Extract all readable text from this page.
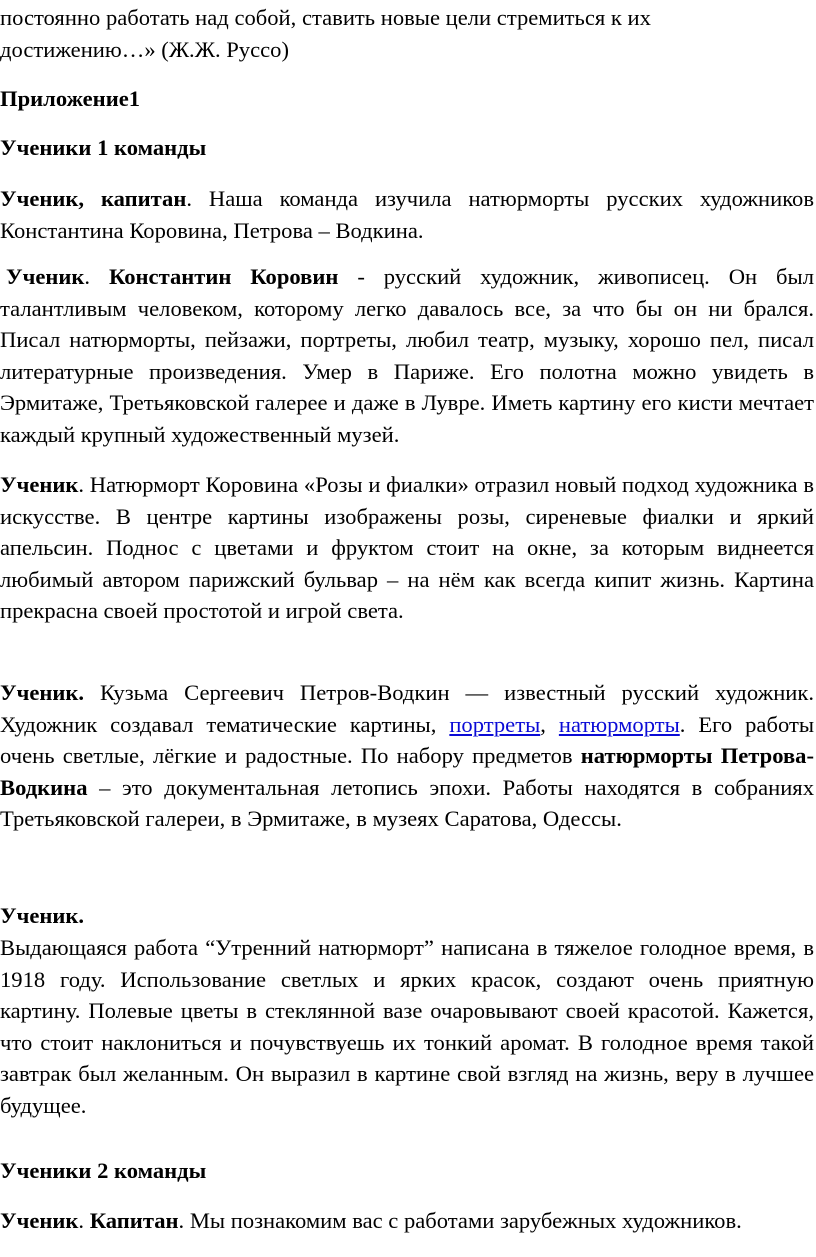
постоянно работать над собой, ставить новые цели стремиться к их

достижению…» (Ж.Ж. Руссо)

Приложение1

Ученики 1 команды

Ученик, капитан. Наша команда изучила натюрморты русских художников Константина Коровина, Петрова – Водкина.

Ученик. Константин Коровин - русский художник, живописец. Он был талантливым человеком, которому легко давалось все, за что бы он ни брался. Писал натюрморты, пейзажи, портреты, любил театр, музыку, хорошо пел, писал литературные произведения. Умер в Париже. Его полотна можно увидеть в Эрмитаже, Третьяковской галерее и даже в Лувре. Иметь картину его кисти мечтает каждый крупный художественный музей.

Ученик. Натюрморт Коровина «Розы и фиалки» отразил новый подход художника в искусстве. В центре картины изображены розы, сиреневые фиалки и яркий апельсин. Поднос с цветами и фруктом стоит на окне, за которым виднеется любимый автором парижский бульвар – на нём как всегда кипит жизнь. Картина прекрасна своей простотой и игрой света.

Ученик. Кузьма Сергеевич Петров-Водкин — известный русский художник. Художник создавал тематические картины, портреты, натюрморты. Его работы очень светлые, лёгкие и радостные. По набору предметов натюрморты Петрова-Водкина – это документальная летопись эпохи. Работы находятся в собраниях Третьяковской галереи, в Эрмитаже, в музеях Саратова, Одессы.

Ученик.

Выдающаяся работа “Утренний натюрморт” написана в тяжелое голодное время, в 1918 году. Использование светлых и ярких красок, создают очень приятную картину. Полевые цветы в стеклянной вазе очаровывают своей красотой. Кажется, что стоит наклониться и почувствуешь их тонкий аромат. В голодное время такой завтрак был желанным. Он выразил в картине свой взгляд на жизнь, веру в лучшее будущее.

Ученики 2 команды

Ученик. Капитан. Мы познакомим вас с работами зарубежных художников.
